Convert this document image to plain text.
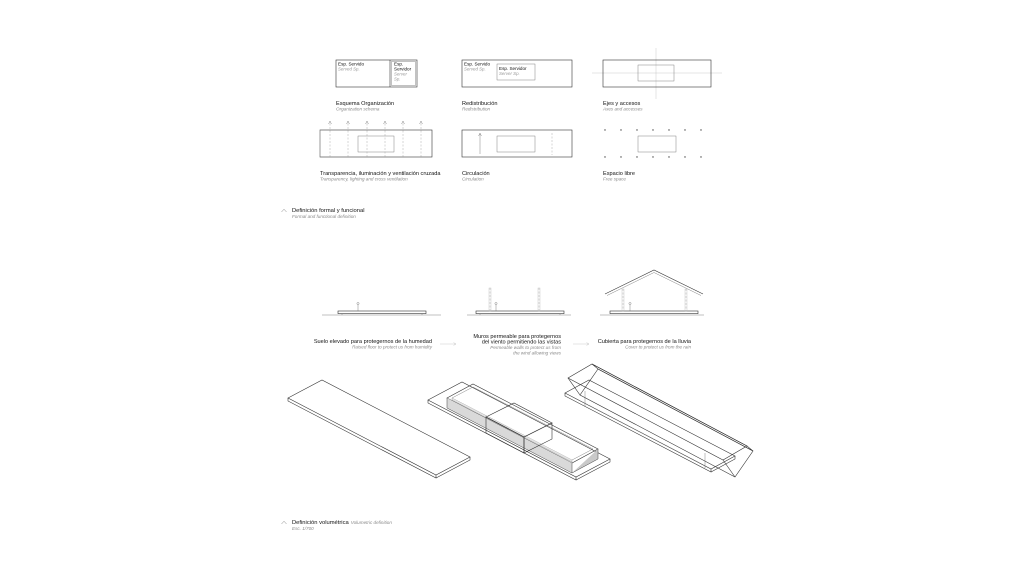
Esp. Servido
Served Sp.
Esp.
Servidor
Server
Sp.
Esquema Organización
Organization schema
Esp. Servido
Served Sp.	Esp. Servidor
Server Sp.
Redistribución
Redistribution
Ejes y accesos
Axes and accesses
Transparencia, iluminación y ventilación cruzada
Transparency, lighting and cross ventilation
Circulación
Circulation
Espacio libre
Free space
Definición formal y funcional
Formal and functional definition
Suelo elevado para protegernos de la humedad
Raised floor to protect us from humidity
Muros permeable para protegernos
del viento permitiendo las vistas
Permeable walls to protect us from
the wind allowing views
Cubierta para protegernos de la lluvia
Cover to protect us from the rain
Definición volumétrica Volumetric definition
Esc. 1/700
